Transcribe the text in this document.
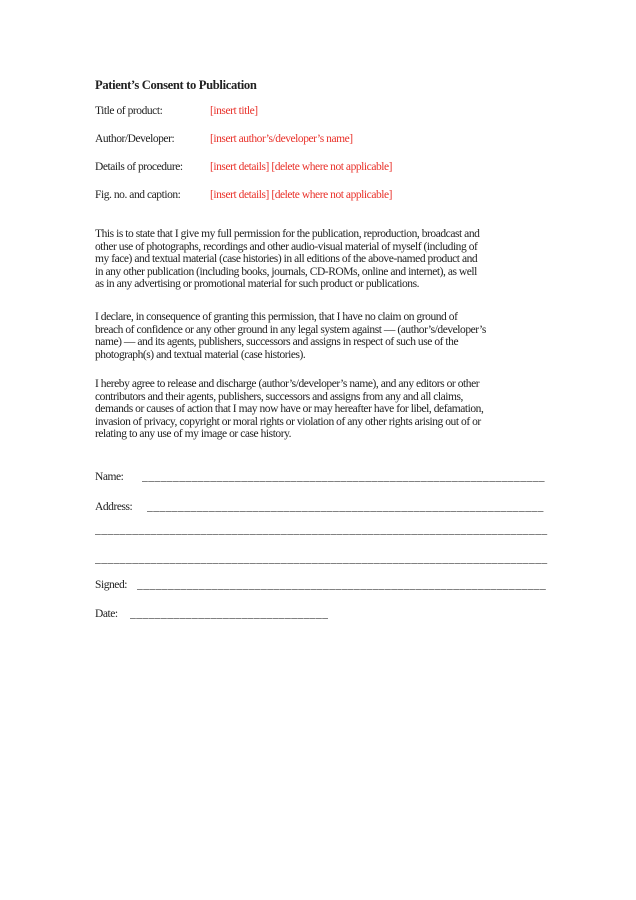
Patient’s Consent to Publication
Title of product:	[insert title]
Author/Developer:	[insert author’s/developer’s name]
Details of procedure:	[insert details] [delete where not applicable]
Fig. no. and caption:	[insert details] [delete where not applicable]
This is to state that I give my full permission for the publication, reproduction, broadcast and
other use of photographs, recordings and other audio-visual material of myself (including of
my face) and textual material (case histories) in all editions of the above-named product and
in any other publication (including books, journals, CD-ROMs, online and internet), as well
as in any advertising or promotional material for such product or publications.
I declare, in consequence of granting this permission, that I have no claim on ground of
breach of confidence or any other ground in any legal system against — (author’s/developer’s
name) — and its agents, publishers, successors and assigns in respect of such use of the
photograph(s) and textual material (case histories).
I hereby agree to release and discharge (author’s/developer’s name), and any editors or other
contributors and their agents, publishers, successors and assigns from any and all claims,
demands or causes of action that I may now have or may hereafter have for libel, defamation,
invasion of privacy, copyright or moral rights or violation of any other rights arising out of or
relating to any use of my image or case history.
Name:	_________________________________________________________________
Address:	________________________________________________________________
_________________________________________________________________________
_________________________________________________________________________
Signed: __________________________________________________________________
Date:	________________________________
